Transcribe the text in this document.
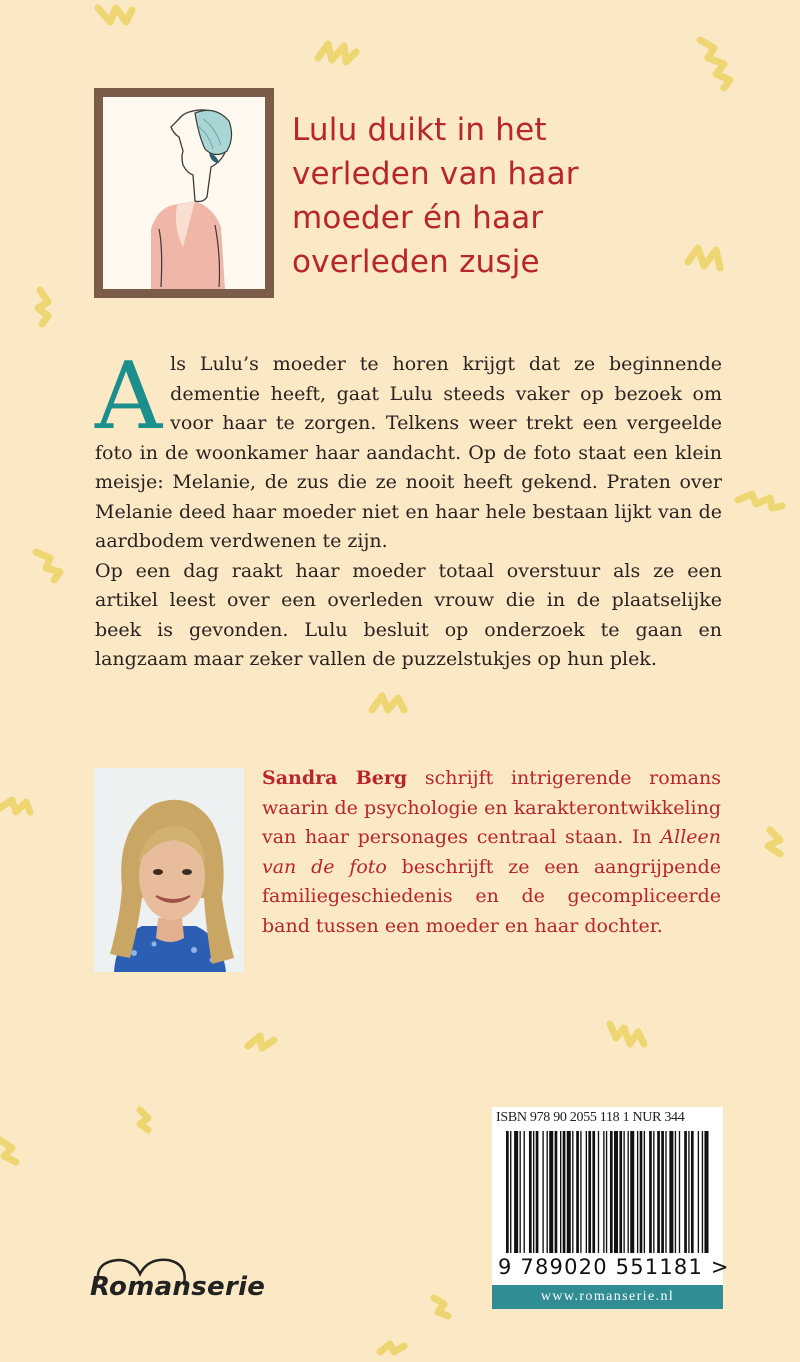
Lulu duikt in het
verleden van haar
moeder én haar
overleden zusje
A ls Lulu’s moeder te horen krijgt dat ze beginnende dementie heeft, gaat Lulu steeds vaker op bezoek om voor haar te zorgen. Telkens weer trekt een vergeelde foto in de woonkamer haar aandacht. Op de foto staat een klein meisje: Melanie, de zus die ze nooit heeft gekend. Praten over Melanie deed haar moeder niet en haar hele bestaan lijkt van de aardbodem verdwenen te zijn.

Op een dag raakt haar moeder totaal overstuur als ze een artikel leest over een overleden vrouw die in de plaatselijke beek is gevonden. Lulu besluit op onderzoek te gaan en langzaam maar zeker vallen de puzzelstukjes op hun plek.

Sandra Berg schrijft intrigerende romans waarin de psychologie en karakterontwikkeling van haar personages centraal staan. In Alleen van de foto beschrijft ze een aangrijpende familiegeschiedenis en de gecompliceerde band tussen een moeder en haar dochter.

ISBN 978 90 2055 118 1 NUR 344
9 789020 551181 >
www.romanserie.nl
Romanserie
